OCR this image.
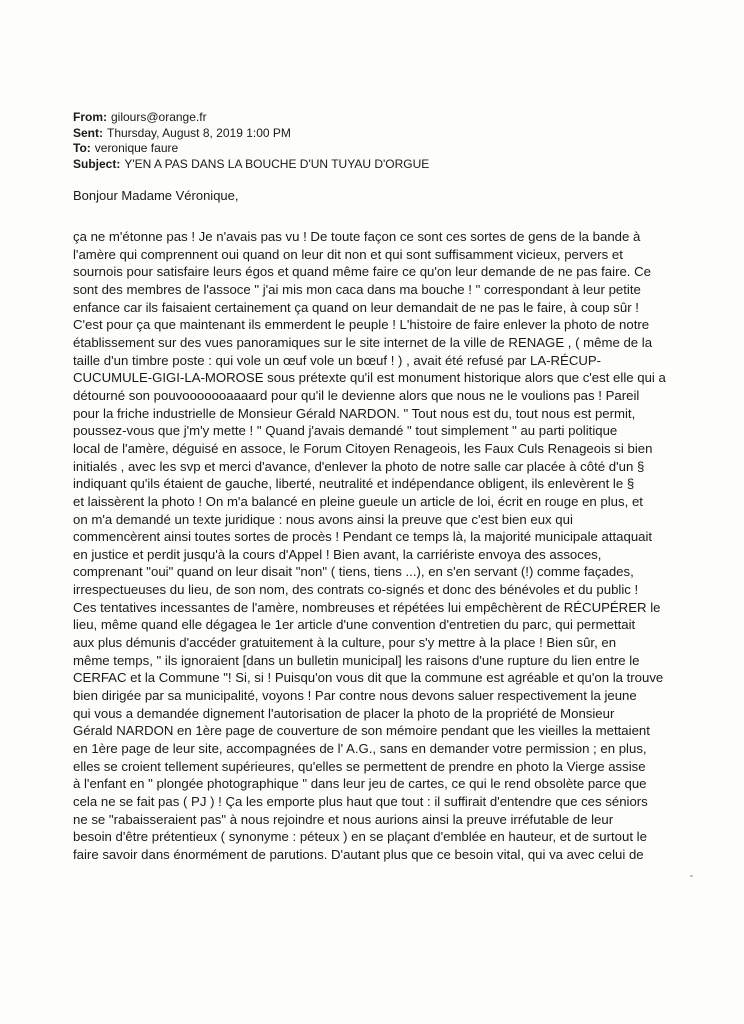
From: gilours@orange.fr
Sent: Thursday, August 8, 2019 1:00 PM
To: veronique faure
Subject: Y'EN A PAS DANS LA BOUCHE D'UN TUYAU D'ORGUE
Bonjour Madame Véronique,
ça ne m'étonne pas ! Je n'avais pas vu ! De toute façon ce sont ces sortes de gens de la bande à
l'amère qui comprennent oui quand on leur dit non et qui sont suffisamment vicieux, pervers et
sournois pour satisfaire leurs égos et quand même faire ce qu'on leur demande de ne pas faire. Ce
sont des membres de l'assoce " j'ai mis mon caca dans ma bouche ! " correspondant à leur petite
enfance car ils faisaient certainement ça quand on leur demandait de ne pas le faire, à coup sûr !
C'est pour ça que maintenant ils emmerdent le peuple ! L'histoire de faire enlever la photo de notre
établissement sur des vues panoramiques sur le site internet de la ville de RENAGE , ( même de la
taille d'un timbre poste : qui vole un œuf vole un bœuf ! ) , avait été refusé par LA-RÉCUP-
CUCUMULE-GIGI-LA-MOROSE sous prétexte qu'il est monument historique alors que c'est elle qui a
détourné son pouvooooooaaaard pour qu'il le devienne alors que nous ne le voulions pas ! Pareil
pour la friche industrielle de Monsieur Gérald NARDON. " Tout nous est du, tout nous est permit,
poussez-vous que j'm'y mette ! " Quand j'avais demandé " tout simplement " au parti politique
local de l'amère, déguisé en assoce, le Forum Citoyen Renageois, les Faux Culs Renageois si bien
initialés , avec les svp et merci d'avance, d'enlever la photo de notre salle car placée à côté d'un §
indiquant qu'ils étaient de gauche, liberté, neutralité et indépendance obligent, ils enlevèrent le §
et laissèrent la photo ! On m'a balancé en pleine gueule un article de loi, écrit en rouge en plus, et
on m'a demandé un texte juridique : nous avons ainsi la preuve que c'est bien eux qui
commencèrent ainsi toutes sortes de procès ! Pendant ce temps là, la majorité municipale attaquait
en justice et perdit jusqu'à la cours d'Appel ! Bien avant, la carriériste envoya des assoces,
comprenant "oui" quand on leur disait "non" ( tiens, tiens ...), en s'en servant (!) comme façades,
irrespectueuses du lieu, de son nom, des contrats co-signés et donc des bénévoles et du public !
Ces tentatives incessantes de l'amère, nombreuses et répétées lui empêchèrent de RÉCUPÉRER le
lieu, même quand elle dégagea le 1er article d'une convention d'entretien du parc, qui permettait
aux plus démunis d'accéder gratuitement à la culture, pour s'y mettre à la place ! Bien sûr, en
même temps, " ils ignoraient [dans un bulletin municipal] les raisons d'une rupture du lien entre le
CERFAC et la Commune "! Si, si ! Puisqu'on vous dit que la commune est agréable et qu'on la trouve
bien dirigée par sa municipalité, voyons ! Par contre nous devons saluer respectivement la jeune
qui vous a demandée dignement l'autorisation de placer la photo de la propriété de Monsieur
Gérald NARDON en 1ère page de couverture de son mémoire pendant que les vieilles la mettaient
en 1ère page de leur site, accompagnées de l' A.G., sans en demander votre permission ; en plus,
elles se croient tellement supérieures, qu'elles se permettent de prendre en photo la Vierge assise
à l'enfant en " plongée photographique " dans leur jeu de cartes, ce qui le rend obsolète parce que
cela ne se fait pas ( PJ ) ! Ça les emporte plus haut que tout : il suffirait d'entendre que ces séniors
ne se "rabaisseraient pas" à nous rejoindre et nous aurions ainsi la preuve irréfutable de leur
besoin d'être prétentieux ( synonyme : péteux ) en se plaçant d'emblée en hauteur, et de surtout le
faire savoir dans énormément de parutions. D'autant plus que ce besoin vital, qui va avec celui de
